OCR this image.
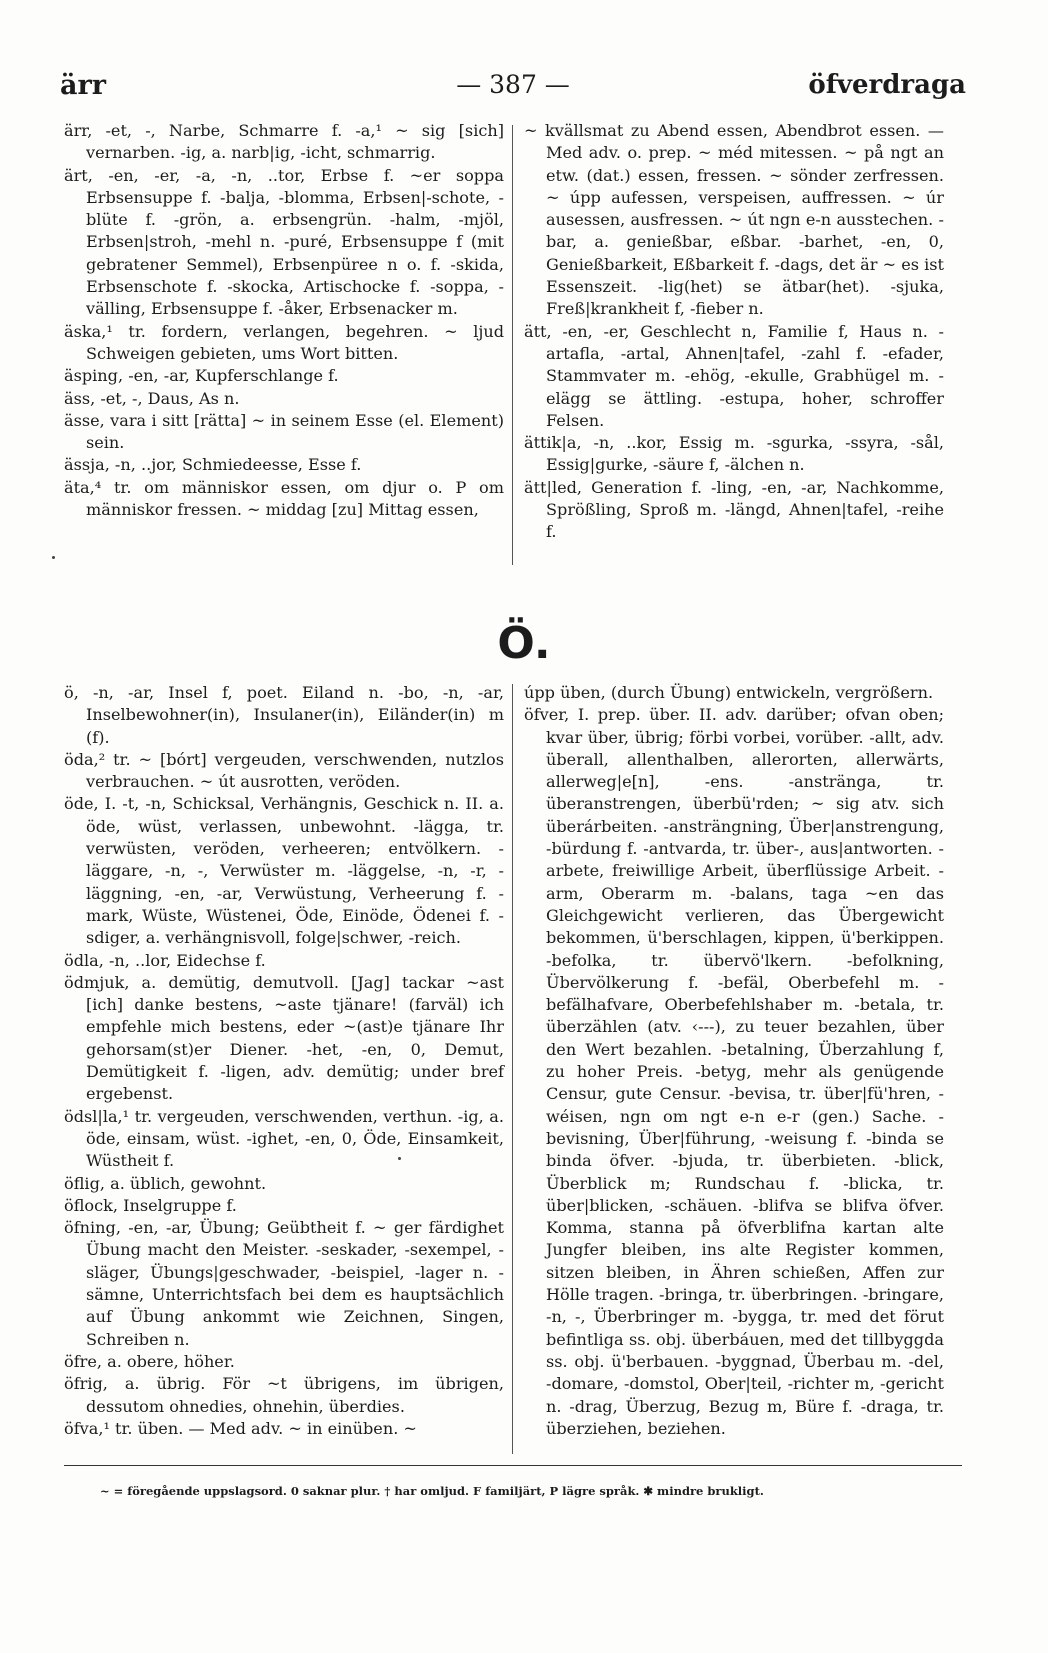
ärr	— 387 —	öfverdraga

ärr, -et, -, Narbe, Schmarre f. -a,¹ ~ sig [sich] vernarben. -ig, a. narb|ig, -icht, schmarrig.

ärt, -en, -er, -a, -n, ..tor, Erbse f. ~er soppa Erbsensuppe f. -balja, -blomma, Erbsen|-schote, -blüte f. -grön, a. erbsengrün. -halm, -mjöl, Erbsen|stroh, -mehl n. -puré, Erbsensuppe f (mit gebratener Semmel), Erbsenpüree n o. f. -skida, Erbsenschote f. -skocka, Artischocke f. -soppa, -välling, Erbsensuppe f. -åker, Erbsenacker m.

äska,¹ tr. fordern, verlangen, begehren. ~ ljud Schweigen gebieten, ums Wort bitten.

äsping, -en, -ar, Kupferschlange f.

äss, -et, -, Daus, As n.

ässe, vara i sitt [rätta] ~ in seinem Esse (el. Element) sein.

ässja, -n, ..jor, Schmiedeesse, Esse f.

äta,⁴ tr. om människor essen, om djur o. P om människor fressen. ~ middag [zu] Mittag essen,

~ kvällsmat zu Abend essen, Abendbrot essen. — Med adv. o. prep. ~ méd mitessen. ~ på ngt an etw. (dat.) essen, fressen. ~ sönder zerfressen. ~ úpp aufessen, verspeisen, auffressen. ~ úr ausessen, ausfressen. ~ út ngn e-n ausstechen. -bar, a. genießbar, eßbar. -barhet, -en, 0, Genießbarkeit, Eßbarkeit f. -dags, det är ~ es ist Essenszeit. -lig(het) se ätbar(het). -sjuka, Freß|krankheit f, -fieber n.

ätt, -en, -er, Geschlecht n, Familie f, Haus n. -artafla, -artal, Ahnen|tafel, -zahl f. -efader, Stammvater m. -ehög, -ekulle, Grabhügel m. -elägg se ättling. -estupa, hoher, schroffer Felsen.

ättik|a, -n, ..kor, Essig m. -sgurka, -ssyra, -sål, Essig|gurke, -säure f, -älchen n.

ätt|led, Generation f. -ling, -en, -ar, Nachkomme, Sprößling, Sproß m. -längd, Ahnen|tafel, -reihe f.

Ö.

ö, -n, -ar, Insel f, poet. Eiland n. -bo, -n, -ar, Inselbewohner(in), Insulaner(in), Eiländer(in) m (f).

öda,² tr. ~ [bórt] vergeuden, verschwenden, nutzlos verbrauchen. ~ út ausrotten, veröden.

öde, I. -t, -n, Schicksal, Verhängnis, Geschick n. II. a. öde, wüst, verlassen, unbewohnt. -lägga, tr. verwüsten, veröden, verheeren; entvölkern. -läggare, -n, -, Verwüster m. -läggelse, -n, -r, -läggning, -en, -ar, Verwüstung, Verheerung f. -mark, Wüste, Wüstenei, Öde, Einöde, Ödenei f. -sdiger, a. verhängnisvoll, folge|schwer, -reich.

ödla, -n, ..lor, Eidechse f.

ödmjuk, a. demütig, demutvoll. [Jag] tackar ~ast [ich] danke bestens, ~aste tjänare! (farväl) ich empfehle mich bestens, eder ~(ast)e tjänare Ihr gehorsam(st)er Diener. -het, -en, 0, Demut, Demütigkeit f. -ligen, adv. demütig; under bref ergebenst.

ödsl|la,¹ tr. vergeuden, verschwenden, verthun. -ig, a. öde, einsam, wüst. -ighet, -en, 0, Öde, Einsamkeit, Wüstheit f.

öflig, a. üblich, gewohnt.

öflock, Inselgruppe f.

öfning, -en, -ar, Übung; Geübtheit f. ~ ger färdighet Übung macht den Meister. -seskader, -sexempel, -släger, Übungs|geschwader, -beispiel, -lager n. -sämne, Unterrichtsfach bei dem es hauptsächlich auf Übung ankommt wie Zeichnen, Singen, Schreiben n.

öfre, a. obere, höher.

öfrig, a. übrig. För ~t übrigens, im übrigen, dessutom ohnedies, ohnehin, überdies.

öfva,¹ tr. üben. — Med adv. ~ in einüben. ~

úpp üben, (durch Übung) entwickeln, vergrößern.

öfver, I. prep. über. II. adv. darüber; ofvan oben; kvar über, übrig; förbi vorbei, vorüber. -allt, adv. überall, allenthalben, allerorten, allerwärts, allerweg|e[n], -ens. -anstränga, tr. überanstrengen, überbü'rden; ~ sig atv. sich überárbeiten. -ansträngning, Über|anstrengung, -bürdung f. -antvarda, tr. über-, aus|antworten. -arbete, freiwillige Arbeit, überflüssige Arbeit. -arm, Oberarm m. -balans, taga ~en das Gleichgewicht verlieren, das Übergewicht bekommen, ü'berschlagen, kippen, ü'berkippen. -befolka, tr. übervö'lkern. -befolkning, Übervölkerung f. -befäl, Oberbefehl m. -befälhafvare, Oberbefehlshaber m. -betala, tr. überzählen (atv. ‹---), zu teuer bezahlen, über den Wert bezahlen. -betalning, Überzahlung f, zu hoher Preis. -betyg, mehr als genügende Censur, gute Censur. -bevisa, tr. über|fü'hren, -wéisen, ngn om ngt e-n e-r (gen.) Sache. -bevisning, Über|führung, -weisung f. -binda se binda öfver. -bjuda, tr. überbieten. -blick, Überblick m; Rundschau f. -blicka, tr. über|blicken, -schäuen. -blifva se blifva öfver. Komma, stanna på öfverblifna kartan alte Jungfer bleiben, ins alte Register kommen, sitzen bleiben, in Ähren schießen, Affen zur Hölle tragen. -bringa, tr. überbringen. -bringare, -n, -, Überbringer m. -bygga, tr. med det förut befintliga ss. obj. überbáuen, med det tillbyggda ss. obj. ü'berbauen. -byggnad, Überbau m. -del, -domare, -domstol, Ober|teil, -richter m, -gericht n. -drag, Überzug, Bezug m, Büre f. -draga, tr. überziehen, beziehen.

~ = föregående uppslagsord. 0 saknar plur. † har omljud. F familjärt, P lägre språk. ✱ mindre brukligt.
